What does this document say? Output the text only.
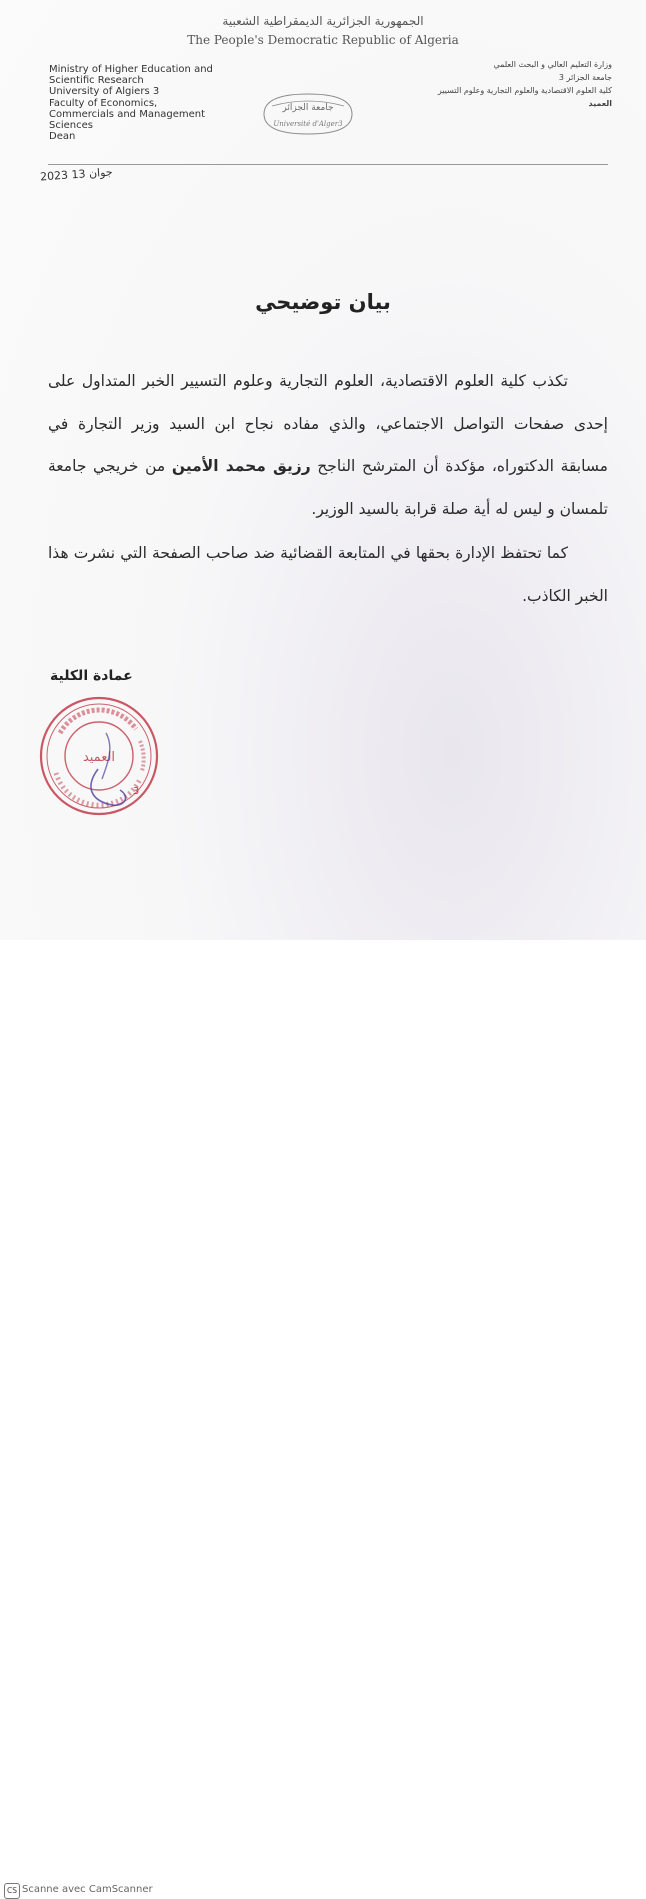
الجمهورية الجزائرية الديمقراطية الشعبية
The People's Democratic Republic of Algeria
Ministry of Higher Education and
Scientific Research
University of Algiers 3
Faculty of Economics,
Commercials and Management
Sciences
Dean
وزارة التعليم العالي و البحث العلمي
جامعة الجزائر 3
كلية العلوم الاقتصادية والعلوم التجارية وعلوم التسيير
العميد
جامعة الجزائر
Université d'Alger3
2023 جوان 13
بيان توضيحي

تكذب كلية العلوم الاقتصادية، العلوم التجارية وعلوم التسيير الخبر المتداول على إحدى صفحات التواصل الاجتماعي، والذي مفاده نجاح ابن السيد وزير التجارة في مسابقة الدكتوراه، مؤكدة أن المترشح الناجح رزيق محمد الأمين من خريجي جامعة تلمسان و ليس له أية صلة قرابة بالسيد الوزير.

كما تحتفظ الإدارة بحقها في المتابعة القضائية ضد صاحب الصفحة التي نشرت هذا الخبر الكاذب.

عمادة الكلية
العميد
3
CS Scanne avec CamScanner
